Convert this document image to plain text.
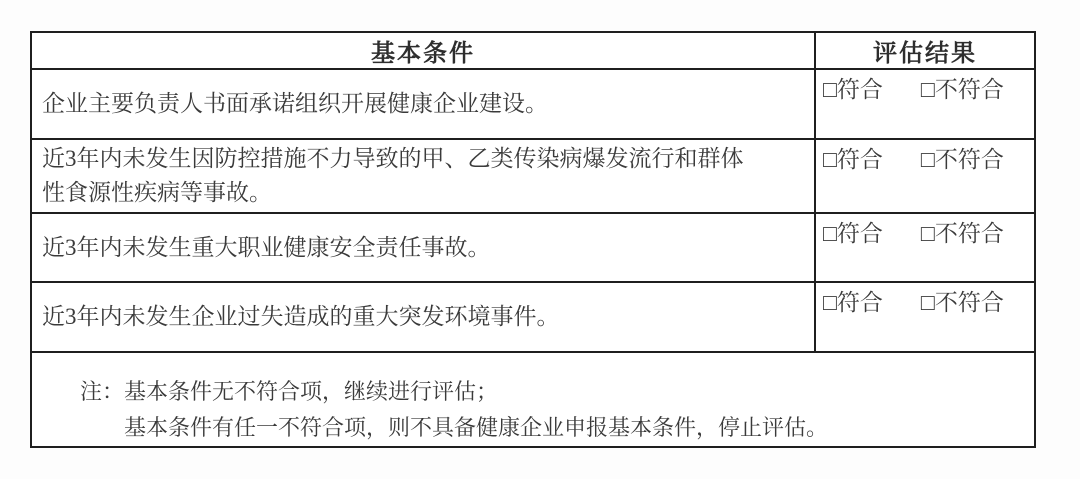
基本条件	评估结果
企业主要负责人书面承诺组织开展健康企业建设。
□符合 □不符合
近3年内未发生因防控措施不力导致的甲、乙类传染病爆发流行和群体性食源性疾病等事故。
□符合 □不符合
近3年内未发生重大职业健康安全责任事故。
□符合 □不符合
近3年内未发生企业过失造成的重大突发环境事件。
□符合 □不符合
注：基本条件无不符合项，继续进行评估；
基本条件有任一不符合项，则不具备健康企业申报基本条件，停止评估。
